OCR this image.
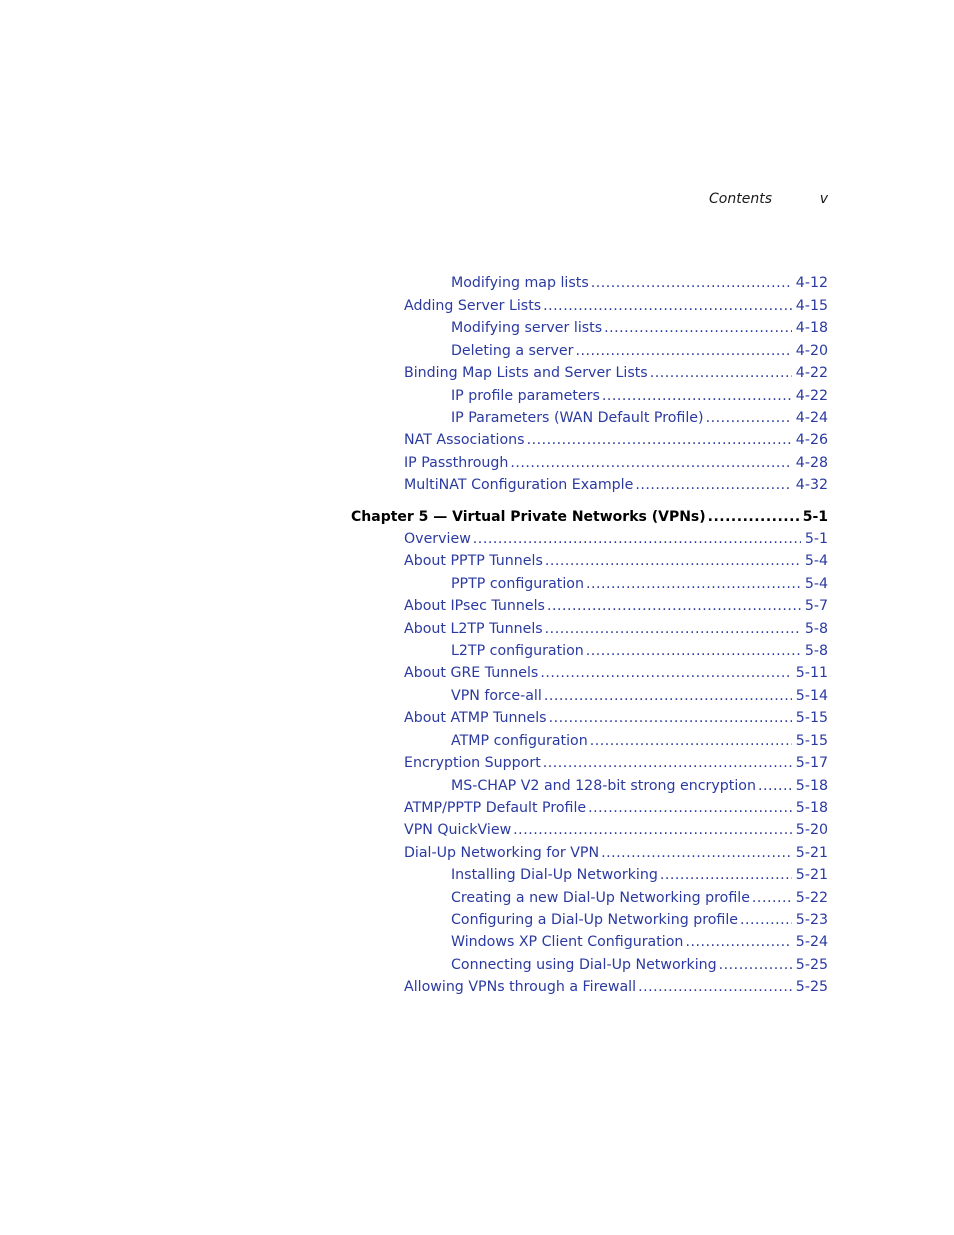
Contents	v
Modifying map lists .....	4-12
Adding Server Lists .....	4-15
Modifying server lists .....	4-18
Deleting a server .....	4-20
Binding Map Lists and Server Lists .....	4-22
IP profile parameters .....	4-22
IP Parameters (WAN Default Profile) .....	4-24
NAT Associations .....	4-26
IP Passthrough .....	4-28
MultiNAT Configuration Example .....	4-32
Chapter 5 — Virtual Private Networks (VPNs) .....	5-1
Overview .....	5-1
About PPTP Tunnels .....	5-4
PPTP configuration .....	5-4
About IPsec Tunnels .....	5-7
About L2TP Tunnels .....	5-8
L2TP configuration .....	5-8
About GRE Tunnels .....	5-11
VPN force-all .....	5-14
About ATMP Tunnels .....	5-15
ATMP configuration .....	5-15
Encryption Support .....	5-17
MS-CHAP V2 and 128-bit strong encryption .....	5-18
ATMP/PPTP Default Profile .....	5-18
VPN QuickView .....	5-20
Dial-Up Networking for VPN .....	5-21
Installing Dial-Up Networking .....	5-21
Creating a new Dial-Up Networking profile .....	5-22
Configuring a Dial-Up Networking profile .....	5-23
Windows XP Client Configuration .....	5-24
Connecting using Dial-Up Networking .....	5-25
Allowing VPNs through a Firewall .....	5-25
